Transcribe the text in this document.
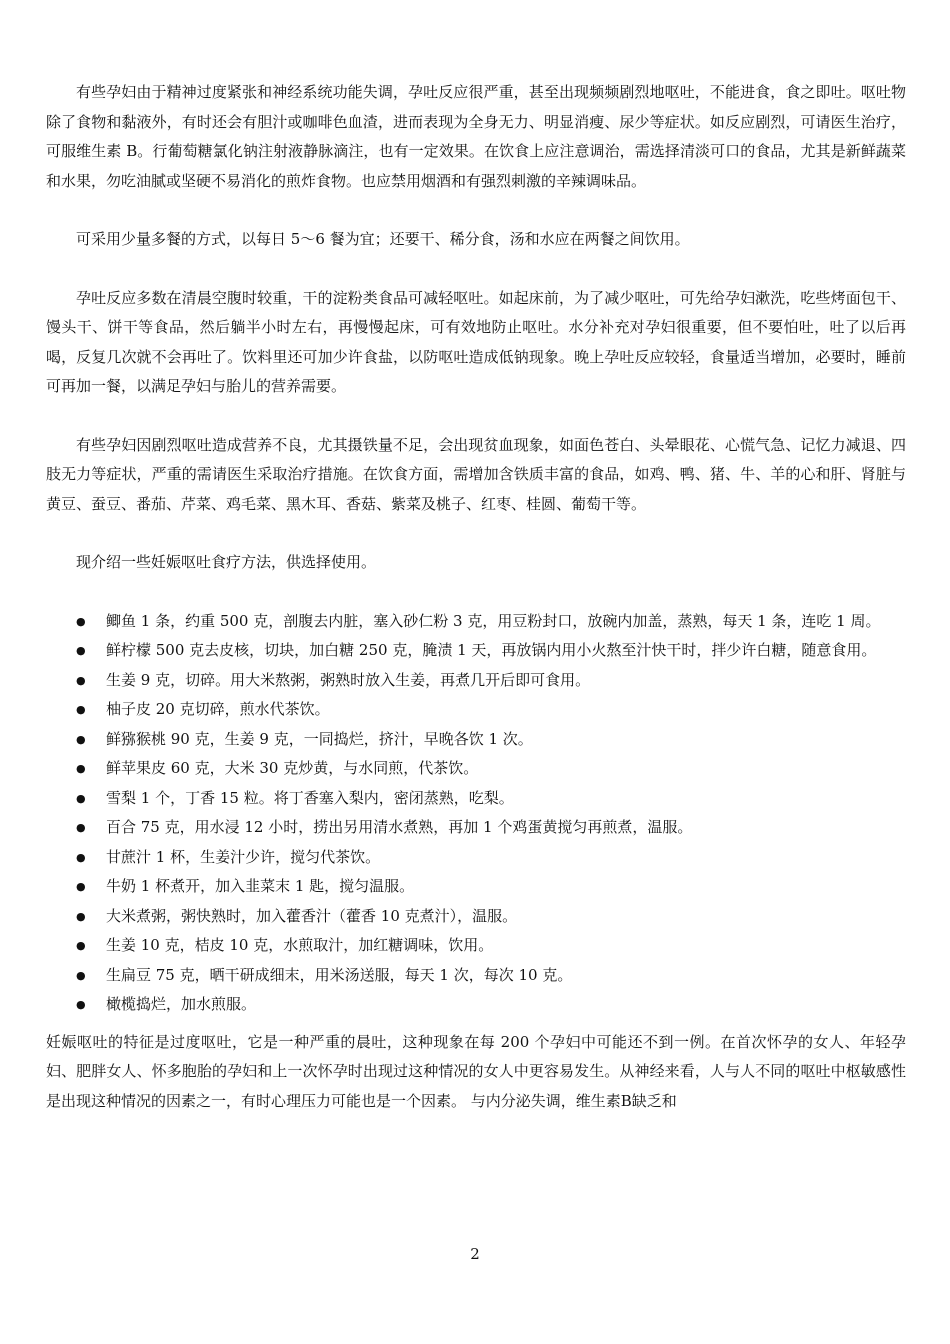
有些孕妇由于精神过度紧张和神经系统功能失调，孕吐反应很严重，甚至出现频频剧烈地呕吐，不能进食，食之即吐。呕吐物除了食物和黏液外，有时还会有胆汁或咖啡色血渣，进而表现为全身无力、明显消瘦、尿少等症状。如反应剧烈，可请医生治疗，可服维生素 B。行葡萄糖氯化钠注射液静脉滴注，也有一定效果。在饮食上应注意调治，需选择清淡可口的食品，尤其是新鲜蔬菜和水果，勿吃油腻或坚硬不易消化的煎炸食物。也应禁用烟酒和有强烈刺激的辛辣调味品。

可采用少量多餐的方式，以每日 5～6 餐为宜；还要干、稀分食，汤和水应在两餐之间饮用。

孕吐反应多数在清晨空腹时较重，干的淀粉类食品可减轻呕吐。如起床前，为了减少呕吐，可先给孕妇漱洗，吃些烤面包干、馒头干、饼干等食品，然后躺半小时左右，再慢慢起床，可有效地防止呕吐。水分补充对孕妇很重要，但不要怕吐，吐了以后再喝，反复几次就不会再吐了。饮料里还可加少许食盐，以防呕吐造成低钠现象。晚上孕吐反应较轻，食量适当增加，必要时，睡前可再加一餐，以满足孕妇与胎儿的营养需要。

有些孕妇因剧烈呕吐造成营养不良，尤其摄铁量不足，会出现贫血现象，如面色苍白、头晕眼花、心慌气急、记忆力减退、四肢无力等症状，严重的需请医生采取治疗措施。在饮食方面，需增加含铁质丰富的食品，如鸡、鸭、猪、牛、羊的心和肝、肾脏与黄豆、蚕豆、番茄、芹菜、鸡毛菜、黑木耳、香菇、紫菜及桃子、红枣、桂圆、葡萄干等。

现介绍一些妊娠呕吐食疗方法，供选择使用。

● 鲫鱼 1 条，约重 500 克，剖腹去内脏，塞入砂仁粉 3 克，用豆粉封口，放碗内加盖，蒸熟，每天 1 条，连吃 1 周。
● 鲜柠檬 500 克去皮核，切块，加白糖 250 克，腌渍 1 天，再放锅内用小火熬至汁快干时，拌少许白糖，随意食用。
● 生姜 9 克，切碎。用大米熬粥，粥熟时放入生姜，再煮几开后即可食用。
● 柚子皮 20 克切碎，煎水代茶饮。
● 鲜猕猴桃 90 克，生姜 9 克，一同捣烂，挤汁，早晚各饮 1 次。
● 鲜苹果皮 60 克，大米 30 克炒黄，与水同煎，代茶饮。
● 雪梨 1 个，丁香 15 粒。将丁香塞入梨内，密闭蒸熟，吃梨。
● 百合 75 克，用水浸 12 小时，捞出另用清水煮熟，再加 1 个鸡蛋黄搅匀再煎煮，温服。
● 甘蔗汁 1 杯，生姜汁少许，搅匀代茶饮。
● 牛奶 1 杯煮开，加入韭菜末 1 匙，搅匀温服。
● 大米煮粥，粥快熟时，加入藿香汁（藿香 10 克煮汁），温服。
● 生姜 10 克，桔皮 10 克，水煎取汁，加红糖调味，饮用。
● 生扁豆 75 克，晒干研成细末，用米汤送服，每天 1 次，每次 10 克。
● 橄榄捣烂，加水煎服。

妊娠呕吐的特征是过度呕吐，它是一种严重的晨吐，这种现象在每 200 个孕妇中可能还不到一例。在首次怀孕的女人、年轻孕妇、肥胖女人、怀多胞胎的孕妇和上一次怀孕时出现过这种情况的女人中更容易发生。从神经来看，人与人不同的呕吐中枢敏感性是出现这种情况的因素之一，有时心理压力可能也是一个因素。 与内分泌失调，维生素B缺乏和

2
